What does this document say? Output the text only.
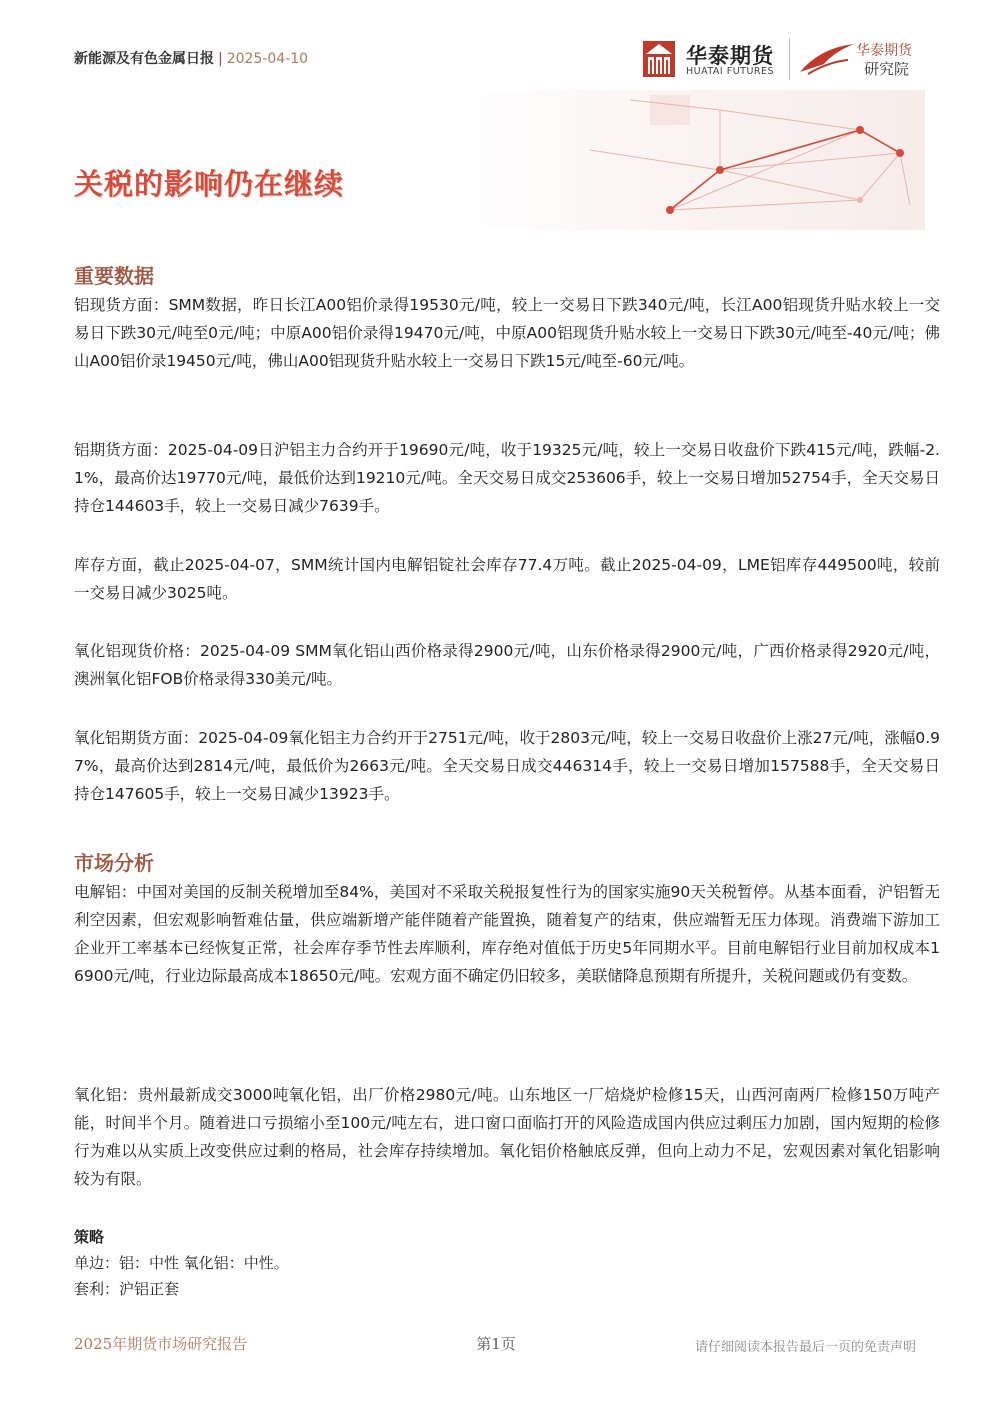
新能源及有色金属日报 | 2025-04-10	华泰期货
HUATAI FUTURES
华泰期货
研究院
关税的影响仍在继续
重要数据
铝现货方面：SMM数据，昨日长江A00铝价录得19530元/吨，较上一交易日下跌340元/吨，长江A00铝现货升贴水较上一交易日下跌30元/吨至0元/吨；中原A00铝价录得19470元/吨，中原A00铝现货升贴水较上一交易日下跌30元/吨至-40元/吨；佛山A00铝价录19450元/吨，佛山A00铝现货升贴水较上一交易日下跌15元/吨至-60元/吨。
铝期货方面：2025-04-09日沪铝主力合约开于19690元/吨，收于19325元/吨，较上一交易日收盘价下跌415元/吨，跌幅-2.1%，最高价达19770元/吨，最低价达到19210元/吨。全天交易日成交253606手，较上一交易日增加52754手，全天交易日持仓144603手，较上一交易日减少7639手。
库存方面，截止2025-04-07，SMM统计国内电解铝锭社会库存77.4万吨。截止2025-04-09，LME铝库存449500吨，较前一交易日减少3025吨。
氧化铝现货价格：2025-04-09 SMM氧化铝山西价格录得2900元/吨，山东价格录得2900元/吨，广西价格录得2920元/吨，澳洲氧化铝FOB价格录得330美元/吨。
氧化铝期货方面：2025-04-09氧化铝主力合约开于2751元/吨，收于2803元/吨，较上一交易日收盘价上涨27元/吨，涨幅0.97%，最高价达到2814元/吨，最低价为2663元/吨。全天交易日成交446314手，较上一交易日增加157588手，全天交易日持仓147605手，较上一交易日减少13923手。
市场分析
电解铝：中国对美国的反制关税增加至84%，美国对不采取关税报复性行为的国家实施90天关税暂停。从基本面看，沪铝暂无利空因素，但宏观影响暂难估量，供应端新增产能伴随着产能置换，随着复产的结束，供应端暂无压力体现。消费端下游加工企业开工率基本已经恢复正常，社会库存季节性去库顺利，库存绝对值低于历史5年同期水平。目前电解铝行业目前加权成本16900元/吨，行业边际最高成本18650元/吨。宏观方面不确定仍旧较多，美联储降息预期有所提升，关税问题或仍有变数。
氧化铝：贵州最新成交3000吨氧化铝，出厂价格2980元/吨。山东地区一厂焙烧炉检修15天，山西河南两厂检修150万吨产能，时间半个月。随着进口亏损缩小至100元/吨左右，进口窗口面临打开的风险造成国内供应过剩压力加剧，国内短期的检修行为难以从实质上改变供应过剩的格局，社会库存持续增加。氧化铝价格触底反弹，但向上动力不足，宏观因素对氧化铝影响较为有限。
策略
单边：铝：中性 氧化铝：中性。
套利：沪铝正套
2025年期货市场研究报告	第1页	请仔细阅读本报告最后一页的免责声明
